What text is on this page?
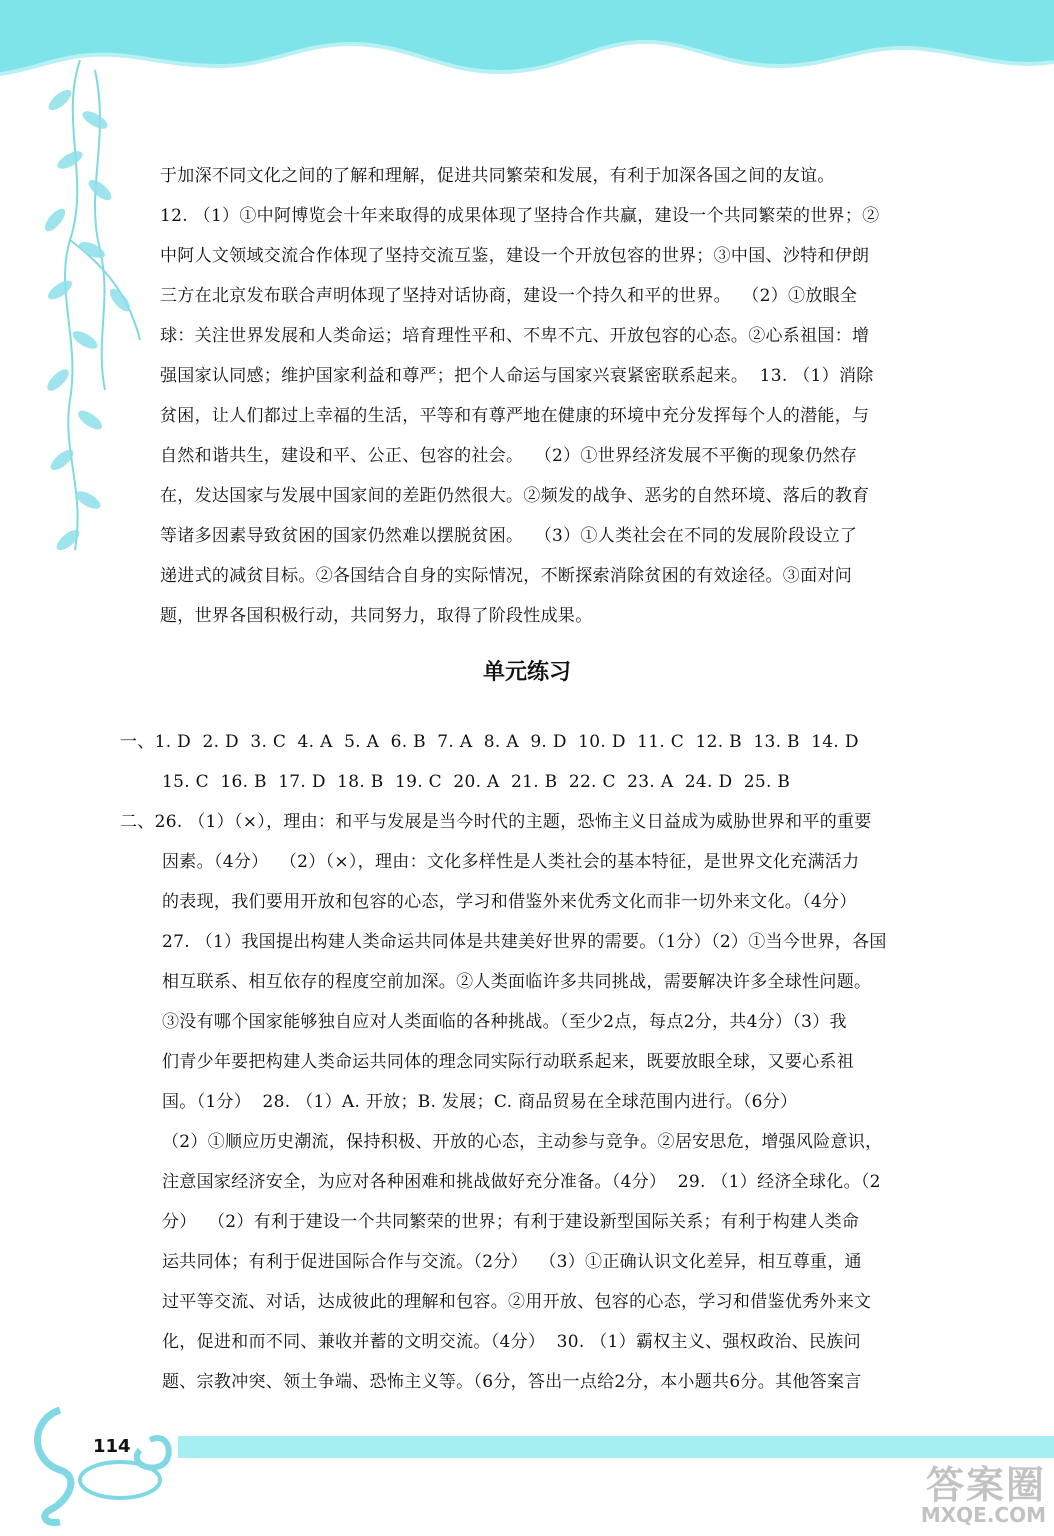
于加深不同文化之间的了解和理解，促进共同繁荣和发展，有利于加深各国之间的友谊。
12. （1）①中阿博览会十年来取得的成果体现了坚持合作共赢，建设一个共同繁荣的世界；②
中阿人文领域交流合作体现了坚持交流互鉴，建设一个开放包容的世界；③中国、沙特和伊朗
三方在北京发布联合声明体现了坚持对话协商，建设一个持久和平的世界。  （2）①放眼全
球：关注世界发展和人类命运；培育理性平和、不卑不亢、开放包容的心态。②心系祖国：增
强国家认同感；维护国家利益和尊严；把个人命运与国家兴衰紧密联系起来。  13. （1）消除
贫困，让人们都过上幸福的生活，平等和有尊严地在健康的环境中充分发挥每个人的潜能，与
自然和谐共生，建设和平、公正、包容的社会。  （2）①世界经济发展不平衡的现象仍然存
在，发达国家与发展中国家间的差距仍然很大。②频发的战争、恶劣的自然环境、落后的教育
等诸多因素导致贫困的国家仍然难以摆脱贫困。  （3）①人类社会在不同的发展阶段设立了
递进式的减贫目标。②各国结合自身的实际情况，不断探索消除贫困的有效途径。③面对问
题，世界各国积极行动，共同努力，取得了阶段性成果。
单元练习
一、1. D  2. D  3. C  4. A  5. A  6. B  7. A  8. A  9. D  10. D  11. C  12. B  13. B  14. D
15. C  16. B  17. D  18. B  19. C  20. A  21. B  22. C  23. A  24. D  25. B
二、26. （1）（×），理由：和平与发展是当今时代的主题，恐怖主义日益成为威胁世界和平的重要
因素。（4分）  （2）（×），理由：文化多样性是人类社会的基本特征，是世界文化充满活力
的表现，我们要用开放和包容的心态，学习和借鉴外来优秀文化而非一切外来文化。（4分）
27. （1）我国提出构建人类命运共同体是共建美好世界的需要。（1分）（2）①当今世界，各国
相互联系、相互依存的程度空前加深。②人类面临许多共同挑战，需要解决许多全球性问题。
③没有哪个国家能够独自应对人类面临的各种挑战。（至少2点，每点2分，共4分）（3）我
们青少年要把构建人类命运共同体的理念同实际行动联系起来，既要放眼全球，又要心系祖
国。（1分）  28. （1）A. 开放；B. 发展；C. 商品贸易在全球范围内进行。（6分）
（2）①顺应历史潮流，保持积极、开放的心态，主动参与竞争。②居安思危，增强风险意识，
注意国家经济安全，为应对各种困难和挑战做好充分准备。（4分）  29. （1）经济全球化。（2
分）  （2）有利于建设一个共同繁荣的世界；有利于建设新型国际关系；有利于构建人类命
运共同体；有利于促进国际合作与交流。（2分）  （3）①正确认识文化差异，相互尊重，通
过平等交流、对话，达成彼此的理解和包容。②用开放、包容的心态，学习和借鉴优秀外来文
化，促进和而不同、兼收并蓄的文明交流。（4分）  30. （1）霸权主义、强权政治、民族问
题、宗教冲突、领土争端、恐怖主义等。（6分，答出一点给2分，本小题共6分。其他答案言
114
答案圈
MXQE.COM
